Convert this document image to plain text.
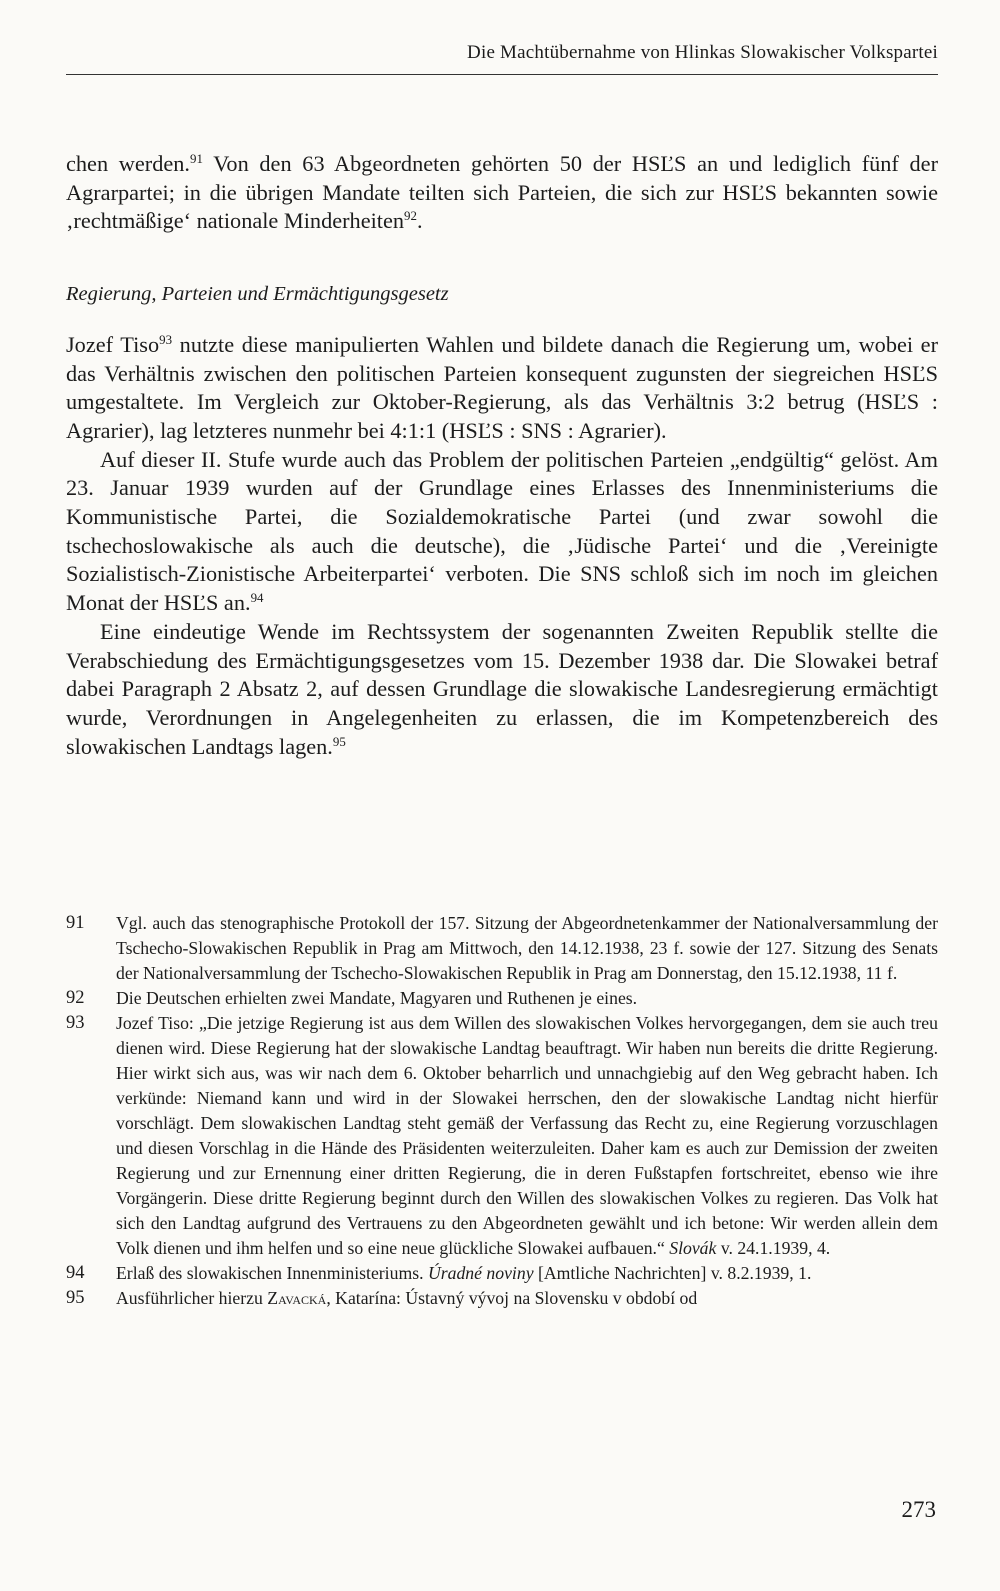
Die Machtübernahme von Hlinkas Slowakischer Volkspartei

chen werden.$^{91}$ Von den 63 Abgeordneten gehörten 50 der HSĽS an und lediglich fünf der Agrarpartei; in die übrigen Mandate teilten sich Parteien, die sich zur HSĽS bekannten sowie ‚rechtmäßige‘ nationale Minderheiten$^{92}$.

Regierung, Parteien und Ermächtigungsgesetz

Jozef Tiso$^{93}$ nutzte diese manipulierten Wahlen und bildete danach die Regierung um, wobei er das Verhältnis zwischen den politischen Parteien konsequent zugunsten der siegreichen HSĽS umgestaltete. Im Vergleich zur Oktober-Regierung, als das Verhältnis 3:2 betrug (HSĽS : Agrarier), lag letzteres nunmehr bei 4:1:1 (HSĽS : SNS : Agrarier).

Auf dieser II. Stufe wurde auch das Problem der politischen Parteien „endgültig“ gelöst. Am 23. Januar 1939 wurden auf der Grundlage eines Erlasses des Innenministeriums die Kommunistische Partei, die Sozialdemokratische Partei (und zwar sowohl die tschechoslowakische als auch die deutsche), die ‚Jüdische Partei‘ und die ‚Vereinigte Sozialistisch-Zionistische Arbeiterpartei‘ verboten. Die SNS schloß sich im noch im gleichen Monat der HSĽS an.$^{94}$

Eine eindeutige Wende im Rechtssystem der sogenannten Zweiten Republik stellte die Verabschiedung des Ermächtigungsgesetzes vom 15. Dezember 1938 dar. Die Slowakei betraf dabei Paragraph 2 Absatz 2, auf dessen Grundlage die slowakische Landesregierung ermächtigt wurde, Verordnungen in Angelegenheiten zu erlassen, die im Kompetenzbereich des slowakischen Landtags lagen.$^{95}$

91	Vgl. auch das stenographische Protokoll der 157. Sitzung der Abgeordnetenkammer der Nationalversammlung der Tschecho-Slowakischen Republik in Prag am Mittwoch, den 14.12.1938, 23 f. sowie der 127. Sitzung des Senats der Nationalversammlung der Tschecho-Slowakischen Republik in Prag am Donnerstag, den 15.12.1938, 11 f.
92	Die Deutschen erhielten zwei Mandate, Magyaren und Ruthenen je eines.
93	Jozef Tiso: „Die jetzige Regierung ist aus dem Willen des slowakischen Volkes hervorgegangen, dem sie auch treu dienen wird. Diese Regierung hat der slowakische Landtag beauftragt. Wir haben nun bereits die dritte Regierung. Hier wirkt sich aus, was wir nach dem 6. Oktober beharrlich und unnachgiebig auf den Weg gebracht haben. Ich verkünde: Niemand kann und wird in der Slowakei herrschen, den der slowakische Landtag nicht hierfür vorschlägt. Dem slowakischen Landtag steht gemäß der Verfassung das Recht zu, eine Regierung vorzuschlagen und diesen Vorschlag in die Hände des Präsidenten weiterzuleiten. Daher kam es auch zur Demission der zweiten Regierung und zur Ernennung einer dritten Regierung, die in deren Fußstapfen fortschreitet, ebenso wie ihre Vorgängerin. Diese dritte Regierung beginnt durch den Willen des slowakischen Volkes zu regieren. Das Volk hat sich den Landtag aufgrund des Vertrauens zu den Abgeordneten gewählt und ich betone: Wir werden allein dem Volk dienen und ihm helfen und so eine neue glückliche Slowakei aufbauen.“ Slovák v. 24.1.1939, 4.
94	Erlaß des slowakischen Innenministeriums. Úradné noviny [Amtliche Nachrichten] v. 8.2.1939, 1.
95	Ausführlicher hierzu Zavacká, Katarína: Ústavný vývoj na Slovensku v období od
273
